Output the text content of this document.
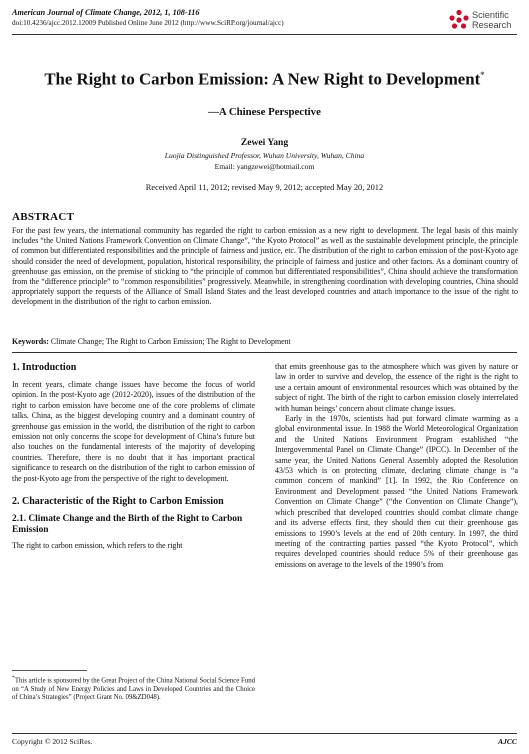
American Journal of Climate Change, 2012, 1, 108-116
doi:10.4236/ajcc.2012.12009 Published Online June 2012 (http://www.SciRP.org/journal/ajcc)
Scientific
Research
The Right to Carbon Emission: A New Right to Development*
—A Chinese Perspective
Zewei Yang
Luojia Distinguished Professor, Wuhan University, Wuhan, China
Email: yangzewei@hotmail.com
Received April 11, 2012; revised May 9, 2012; accepted May 20, 2012
ABSTRACT
For the past few years, the international community has regarded the right to carbon emission as a new right to development. The legal basis of this mainly includes “the United Nations Framework Convention on Climate Change”, “the Kyoto Protocol” as well as the sustainable development principle, the principle of common but differentiated responsibilities and the principle of fairness and justice, etc. The distribution of the right to carbon emission of the post-Kyoto age should consider the need of development, population, historical responsibility, the principle of fairness and justice and other factors. As a dominant country of greenhouse gas emission, on the premise of sticking to “the principle of common but differentiated responsibilities”, China should achieve the transformation from the “difference principle” to “common responsibilities” progressively. Meanwhile, in strengthening coordination with developing countries, China should appropriately support the requests of the Alliance of Small Island States and the least developed countries and attach importance to the issue of the right to development in the distribution of the right to carbon emission.
Keywords: Climate Change; The Right to Carbon Emission; The Right to Development
1. Introduction

In recent years, climate change issues have become the focus of world opinion. In the post-Kyoto age (2012-2020), issues of the distribution of the right to carbon emission have become one of the core problems of climate talks. China, as the biggest developing country and a dominant country of greenhouse gas emission in the world, the distribution of the right to carbon emission not only concerns the scope for development of China’s future but also touches on the fundamental interests of the majority of developing countries. Therefore, there is no doubt that it has important practical significance to research on the distribution of the right to carbon emission of the post-Kyoto age from the perspective of the right to development.

2. Characteristic of the Right to Carbon Emission
2.1. Climate Change and the Birth of the Right to Carbon Emission

The right to carbon emission, which refers to the right

*This article is sponsored by the Great Project of the China National Social Science Fund on “A Study of New Energy Policies and Laws in Developed Countries and the Choice of China’s Strategies” (Project Grant No. 09&ZD048).

that emits greenhouse gas to the atmosphere which was given by nature or law in order to survive and develop, the essence of the right is the right to use a certain amount of environmental resources which was obtained by the subject of right. The birth of the right to carbon emission closely interrelated with human beings’ concern about climate change issues.

Early in the 1970s, scientists had put forward climate warming as a global environmental issue. In 1988 the World Meteorological Organization and the United Nations Environment Program established “the Intergovernmental Panel on Climate Change” (IPCC). In December of the same year, the United Nations General Assembly adopted the Resolution 43/53 which is on protecting climate, declaring climate change is “a common concern of mankind” [1]. In 1992, the Rio Conference on Environment and Development passed “the United Nations Framework Convention on Climate Change” (“the Convention on Climate Change”), which prescribed that developed countries should combat climate change and its adverse effects first, they should then cut their greenhouse gas emissions to 1990’s levels at the end of 20th century. In 1997, the third meeting of the contracting parties passed “the Kyoto Protocol”, which requires developed countries should reduce 5% of their greenhouse gas emissions on average to the levels of the 1990’s from

Copyright © 2012 SciRes.	AJCC
